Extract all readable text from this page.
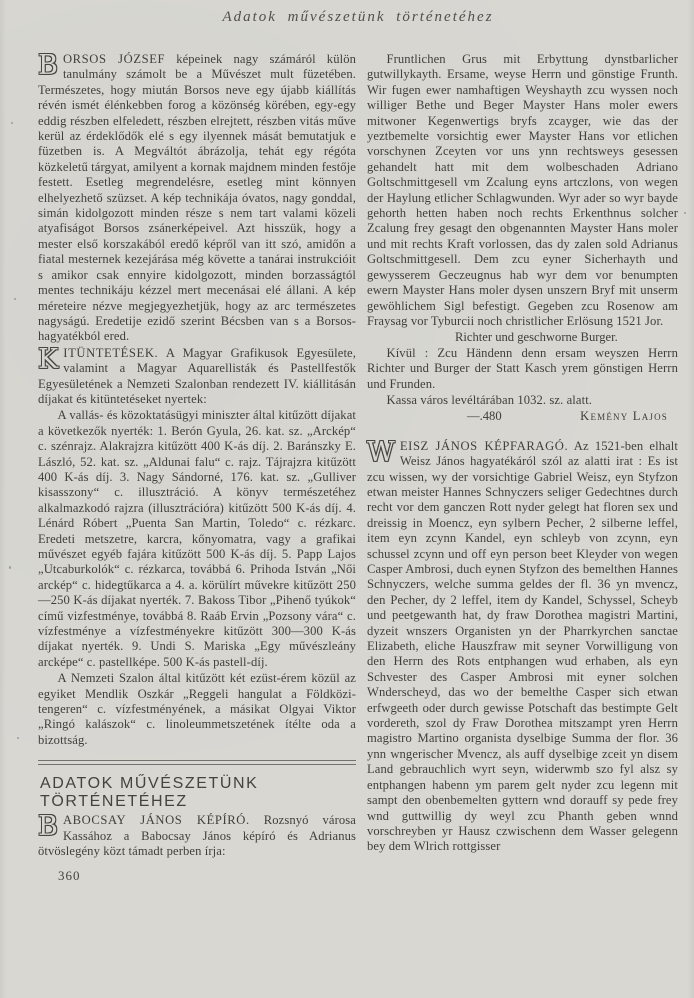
Adatok művészetünk történetéhez

BORSOS JÓZSEF képeinek nagy számáról külön tanulmány számolt be a Művészet mult füzetében. Természetes, hogy miután Borsos neve egy újabb kiállítás révén ismét élénkebben forog a közönség körében, egy-egy eddig részben elfeledett, részben elrejtett, részben vitás műve kerül az érdeklődők elé s egy ilyennek mását bemutatjuk e füzetben is. A Megváltót ábrázolja, tehát egy régóta közkeletű tárgyat, amilyent a kornak majdnem minden festője festett. Esetleg megrendelésre, esetleg mint könnyen elhelyezhető szüzset. A kép technikája óvatos, nagy gonddal, simán kidolgozott minden része s nem tart valami közeli atyafiságot Borsos zsánerképeivel. Azt hisszük, hogy a mester első korszakából eredő képről van itt szó, amidőn a fiatal mesternek kezejárása még követte a tanárai instrukcióit s amikor csak ennyire kidolgozott, minden borzasságtól mentes technikáju kézzel mert mecenásai elé állani. A kép méreteire nézve megjegyezhetjük, hogy az arc természetes nagyságú. Eredetije ezidő szerint Bécsben van s a Borsos-hagyatékból ered.

KITÜNTETÉSEK. A Magyar Grafikusok Egyesülete, valamint a Magyar Aquarellisták és Pastellfestők Egyesületének a Nemzeti Szalonban rendezett IV. kiállitásán díjakat és kitüntetéseket nyertek:

A vallás- és közoktatásügyi miniszter által kitűzött díjakat a következők nyerték: 1. Berón Gyula, 26. kat. sz. „Arckép“ c. szénrajz. Alakrajzra kitűzött 400 K-ás díj. 2. Baránszky E. László, 52. kat. sz. „Aldunai falu“ c. rajz. Tájrajzra kitűzött 400 K-ás díj. 3. Nagy Sándorné, 176. kat. sz. „Gulliver kisasszony“ c. illusztráció. A könyv természetéhez alkalmazkodó rajzra (illusztrációra) kitűzött 500 K-ás díj. 4. Lénárd Róbert „Puenta San Martin, Toledo“ c. rézkarc. Eredeti metszetre, karcra, kőnyomatra, vagy a grafikai művészet egyéb fajára kitűzött 500 K-ás díj. 5. Papp Lajos „Utcaburkolók“ c. rézkarca, továbbá 6. Prihoda István „Női arckép“ c. hidegtűkarca a 4. a. körülírt művekre kitűzött 250—250 K-ás díjakat nyerték. 7. Bakoss Tibor „Pihenő tyúkok“ című vizfestménye, továbbá 8. Raáb Ervin „Pozsony vára“ c. vízfestménye a vízfestményekre kitűzött 300—300 K-ás díjakat nyerték. 9. Undi S. Mariska „Egy művészleány arcképe“ c. pastellképe. 500 K-ás pastell-díj.

A Nemzeti Szalon által kitűzött két ezüst-érem közül az egyiket Mendlik Oszkár „Reggeli hangulat a Földközi-tengeren“ c. vízfestményének, a másikat Olgyai Viktor „Ringó kalászok“ c. linoleummetszetének ítélte oda a bizottság.

ADATOK MŰVÉSZETÜNK TÖRTÉNETÉHEZ

BABOCSAY JÁNOS KÉPÍRÓ. Rozsnyó városa Kassához a Babocsay János képíró és Adrianus ötvöslegény közt támadt perben írja:

360

Fruntlichen Grus mit Erbyttung dynstbarlicher gutwillykayth. Ersame, weyse Herrn und gönstige Frunth. Wir fugen ewer namhaftigen Weyshayth zcu wyssen noch williger Bethe und Beger Mayster Hans moler ewers mitwoner Kegenwertigs bryfs zcayger, wie das der yeztbemelte vorsichtig ewer Mayster Hans vor etlichen vorschynen Zceyten vor uns ynn rechtsweys gesessen gehandelt hatt mit dem wolbeschaden Adriano Goltschmittgesell vm Zcalung eyns artczlons, von wegen der Haylung etlicher Schlagwunden. Wyr ader so wyr bayde gehorth hetten haben noch rechts Erkenthnus solcher Zcalung frey gesagt den obgenannten Mayster Hans moler und mit rechts Kraft vorlossen, das dy zalen sold Adrianus Goltschmittgesell. Dem zcu eyner Sicherhayth und gewysserem Geczeugnus hab wyr dem vor benumpten ewern Mayster Hans moler dysen unszern Bryf mit unserm gewöhlichem Sigl befestigt. Gegeben zcu Rosenow am Fraysag vor Tyburcii noch christlicher Erlösung 1521 Jor.

Richter und geschworne Burger.

Kívül : Zcu Händenn denn ersam weyszen Herrn Richter und Burger der Statt Kasch yrem gönstigen Herrn und Frunden.

Kassa város levéltárában 1032. sz. alatt.

—.480	Kemény Lajos

WEISZ JÁNOS KÉPFARAGÓ. Az 1521-ben elhalt Weisz János hagyatékáról szól az alatti irat : Es ist zcu wissen, wy der vorsichtige Gabriel Weisz, eyn Styfzon etwan meister Hannes Schnyczers seliger Gedechtnes durch recht vor dem ganczen Rott nyder gelegt hat floren sex und dreissig in Moencz, eyn sylbern Pecher, 2 silberne leffel, item eyn zcynn Kandel, eyn schleyb von zcynn, eyn schussel zcynn und off eyn person beet Kleyder von wegen Casper Ambrosi, duch eynen Styfzon des bemelthen Hannes Schnyczers, welche summa geldes der fl. 36 yn mvencz, den Pecher, dy 2 leffel, item dy Kandel, Schyssel, Scheyb und peetgewanth hat, dy fraw Dorothea magistri Martini, dyzeit wnszers Organisten yn der Pharrkyrchen sanctae Elizabeth, eliche Hauszfraw mit seyner Vorwilligung von den Herrn des Rots entphangen wud erhaben, als eyn Schvester des Casper Ambrosi mit eyner solchen Wnderscheyd, das wo der bemelthe Casper sich etwan erfwgeeth oder durch gewisse Potschaft das bestimpte Gelt vordereth, szol dy Fraw Dorothea mitszampt yren Herrn magistro Martino organista dyselbige Summa der flor. 36 ynn wngerischer Mvencz, als auff dyselbige zceit yn disem Land gebrauchlich wyrt seyn, widerwmb szo fyl alsz sy entphangen habenn ym parem gelt nyder zcu legenn mit sampt den obenbemelten gyttern wnd dorauff sy pede frey wnd guttwillig dy weyl zcu Phanth geben wnnd vorschreyben yr Hausz czwischenn dem Wasser gelegenn bey dem Wlrich rottgisser
